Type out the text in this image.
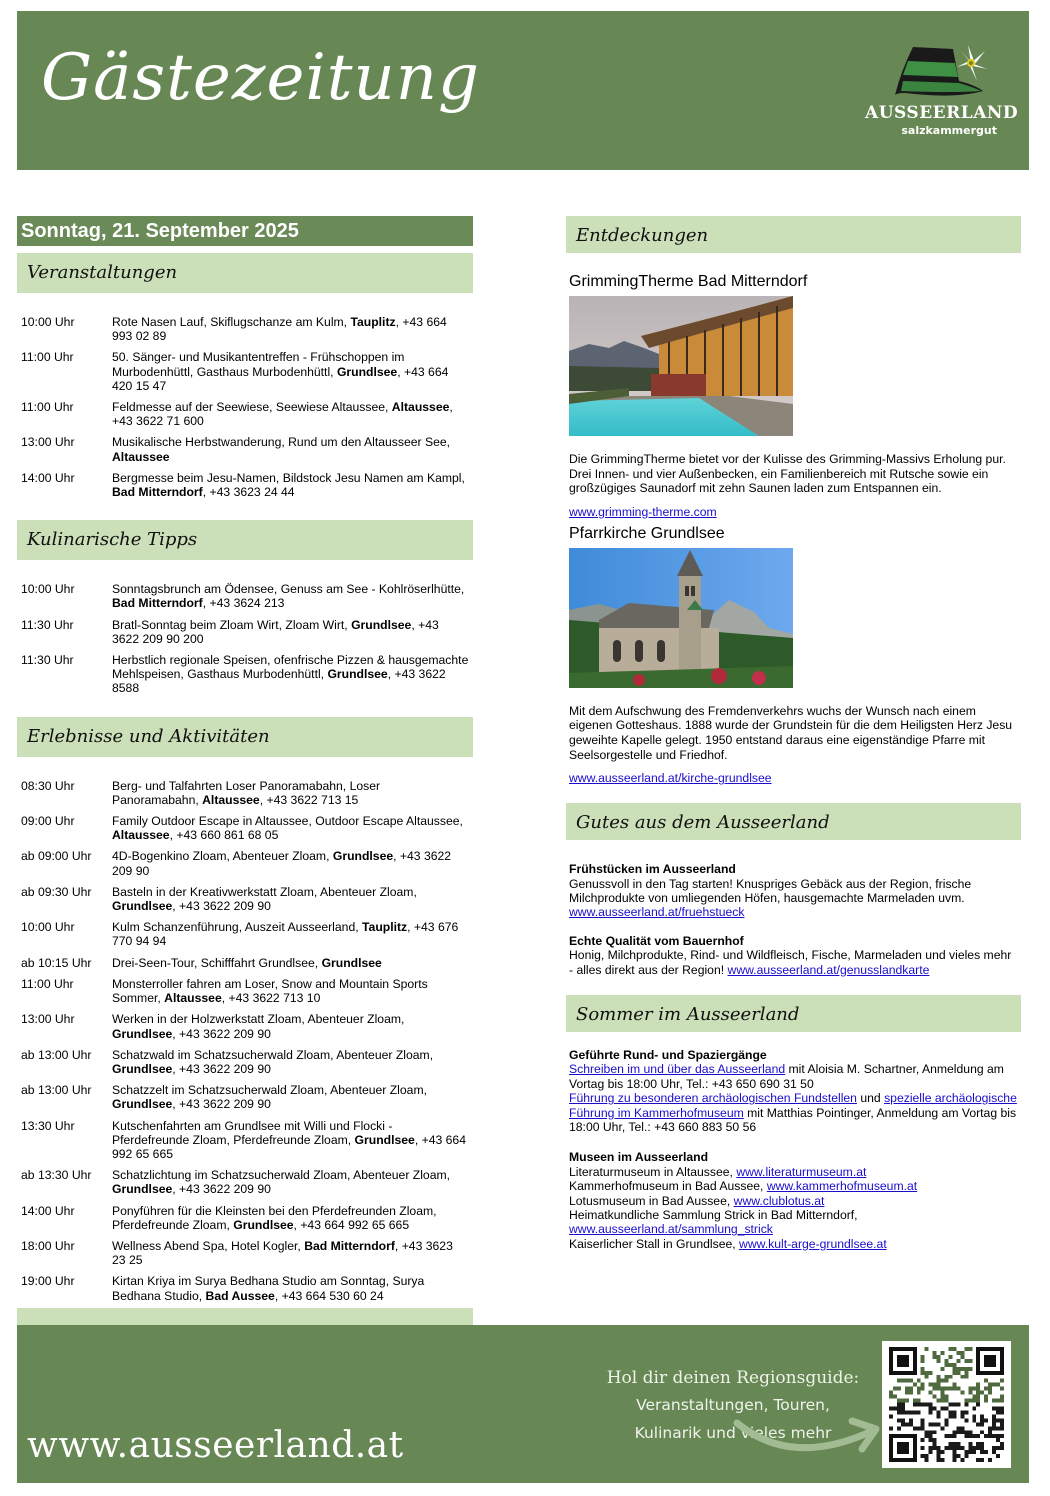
Gästezeitung	AUSSEERLAND
salzkammergut
Sonntag, 21. September 2025
Veranstaltungen
10:00 Uhr	Rote Nasen Lauf, Skiflugschanze am Kulm, Tauplitz, +43 664 993 02 89
11:00 Uhr	50. Sänger- und Musikantentreffen - Frühschoppen im Murbodenhüttl, Gasthaus Murbodenhüttl, Grundlsee, +43 664 420 15 47
11:00 Uhr	Feldmesse auf der Seewiese, Seewiese Altaussee, Altaussee, +43 3622 71 600
13:00 Uhr	Musikalische Herbstwanderung, Rund um den Altausseer See, Altaussee
14:00 Uhr	Bergmesse beim Jesu-Namen, Bildstock Jesu Namen am Kampl, Bad Mitterndorf, +43 3623 24 44
Kulinarische Tipps
10:00 Uhr	Sonntagsbrunch am Ödensee, Genuss am See - Kohlröserlhütte, Bad Mitterndorf, +43 3624 213
11:30 Uhr	Bratl-Sonntag beim Zloam Wirt, Zloam Wirt, Grundlsee, +43 3622 209 90 200
11:30 Uhr	Herbstlich regionale Speisen, ofenfrische Pizzen & hausgemachte Mehlspeisen, Gasthaus Murbodenhüttl, Grundlsee, +43 3622 8588
Erlebnisse und Aktivitäten
08:30 Uhr	Berg- und Talfahrten Loser Panoramabahn, Loser Panoramabahn, Altaussee, +43 3622 713 15
09:00 Uhr	Family Outdoor Escape in Altaussee, Outdoor Escape Altaussee, Altaussee, +43 660 861 68 05
ab 09:00 Uhr	4D-Bogenkino Zloam, Abenteuer Zloam, Grundlsee, +43 3622 209 90
ab 09:30 Uhr	Basteln in der Kreativwerkstatt Zloam, Abenteuer Zloam, Grundlsee, +43 3622 209 90
10:00 Uhr	Kulm Schanzenführung, Auszeit Ausseerland, Tauplitz, +43 676 770 94 94
ab 10:15 Uhr	Drei-Seen-Tour, Schifffahrt Grundlsee, Grundlsee
11:00 Uhr	Monsterroller fahren am Loser, Snow and Mountain Sports Sommer, Altaussee, +43 3622 713 10
13:00 Uhr	Werken in der Holzwerkstatt Zloam, Abenteuer Zloam, Grundlsee, +43 3622 209 90
ab 13:00 Uhr	Schatzwald im Schatzsucherwald Zloam, Abenteuer Zloam, Grundlsee, +43 3622 209 90
ab 13:00 Uhr	Schatzzelt im Schatzsucherwald Zloam, Abenteuer Zloam, Grundlsee, +43 3622 209 90
13:30 Uhr	Kutschenfahrten am Grundlsee mit Willi und Flocki - Pferdefreunde Zloam, Pferdefreunde Zloam, Grundlsee, +43 664 992 65 665
ab 13:30 Uhr	Schatzlichtung im Schatzsucherwald Zloam, Abenteuer Zloam, Grundlsee, +43 3622 209 90
14:00 Uhr	Ponyführen für die Kleinsten bei den Pferdefreunden Zloam, Pferdefreunde Zloam, Grundlsee, +43 664 992 65 665
18:00 Uhr	Wellness Abend Spa, Hotel Kogler, Bad Mitterndorf, +43 3623 23 25
19:00 Uhr	Kirtan Kriya im Surya Bedhana Studio am Sonntag, Surya Bedhana Studio, Bad Aussee, +43 664 530 60 24
Entdeckungen
GrimmingTherme Bad Mitterndorf
Die GrimmingTherme bietet vor der Kulisse des Grimming-Massivs Erholung pur. Drei Innen- und vier Außenbecken, ein Familienbereich mit Rutsche sowie ein großzügiges Saunadorf mit zehn Saunen laden zum Entspannen ein.
www.grimming-therme.com
Pfarrkirche Grundlsee
Mit dem Aufschwung des Fremdenverkehrs wuchs der Wunsch nach einem eigenen Gotteshaus. 1888 wurde der Grundstein für die dem Heiligsten Herz Jesu geweihte Kapelle gelegt. 1950 entstand daraus eine eigenständige Pfarre mit Seelsorgestelle und Friedhof.
www.ausseerland.at/kirche-grundlsee
Gutes aus dem Ausseerland
Frühstücken im Ausseerland
Genussvoll in den Tag starten! Knuspriges Gebäck aus der Region, frische Milchprodukte von umliegenden Höfen, hausgemachte Marmeladen uvm.
www.ausseerland.at/fruehstueck
Echte Qualität vom Bauernhof
Honig, Milchprodukte, Rind- und Wildfleisch, Fische, Marmeladen und vieles mehr - alles direkt aus der Region! www.ausseerland.at/genusslandkarte
Sommer im Ausseerland
Geführte Rund- und Spaziergänge
Schreiben im und über das Ausseerland mit Aloisia M. Schartner, Anmeldung am Vortag bis 18:00 Uhr, Tel.: +43 650 690 31 50
Führung zu besonderen archäologischen Fundstellen und spezielle archäologische Führung im Kammerhofmuseum mit Matthias Pointinger, Anmeldung am Vortag bis 18:00 Uhr, Tel.: +43 660 883 50 56
Museen im Ausseerland
Literaturmuseum in Altaussee, www.literaturmuseum.at
Kammerhofmuseum in Bad Aussee, www.kammerhofmuseum.at
Lotusmuseum in Bad Aussee, www.clublotus.at
Heimatkundliche Sammlung Strick in Bad Mitterndorf, www.ausseerland.at/sammlung_strick
Kaiserlicher Stall in Grundlsee, www.kult-arge-grundlsee.at
www.ausseerland.at
Hol dir deinen Regionsguide:
Veranstaltungen, Touren,
Kulinarik und vieles mehr
